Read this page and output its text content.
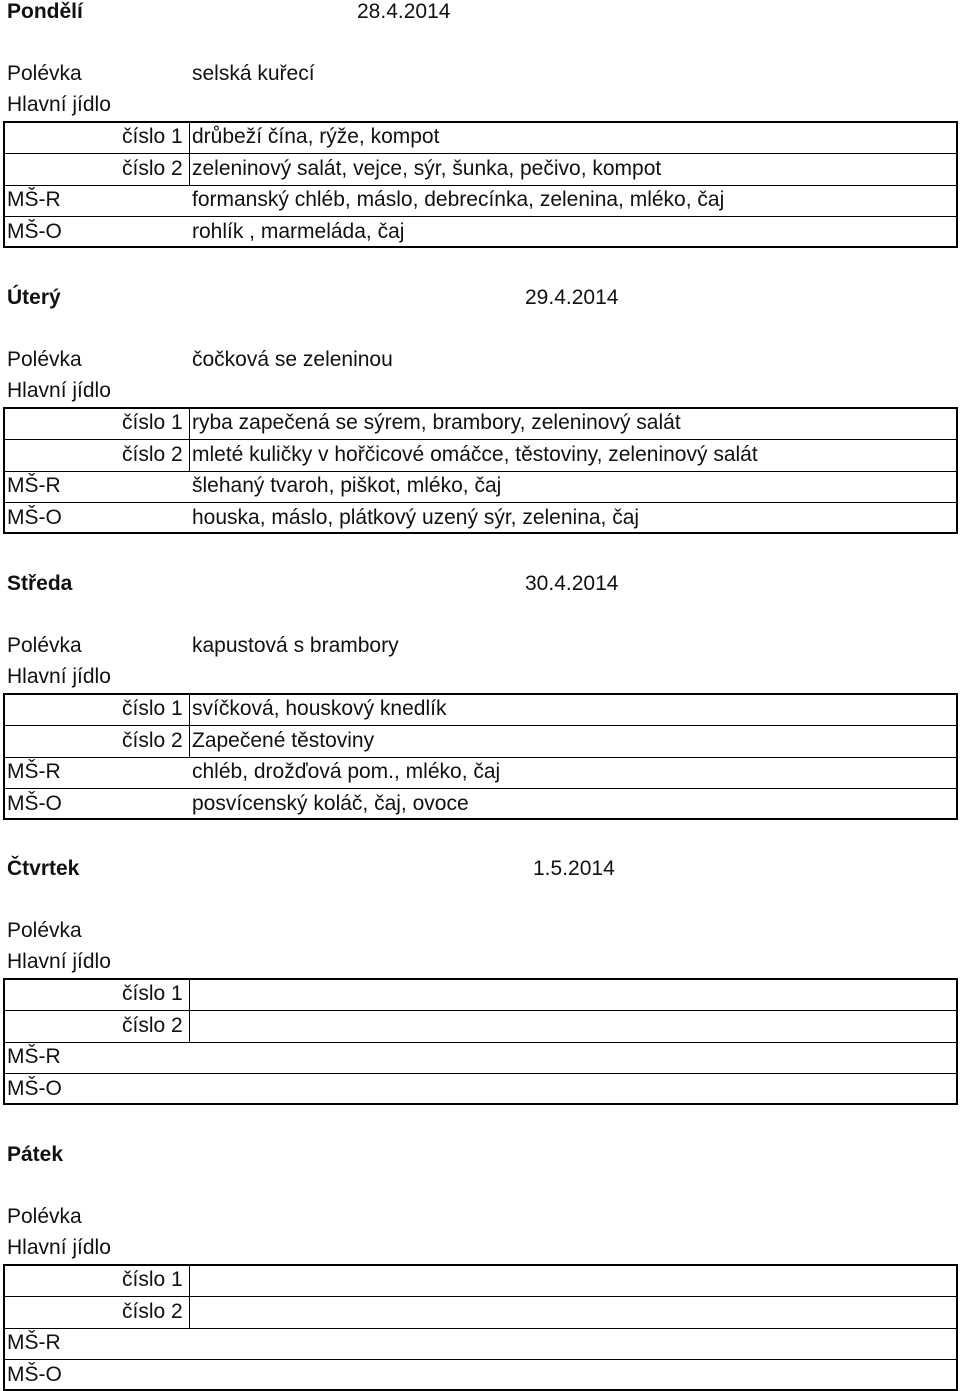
Pondělí	28.4.2014
Polévka	selská kuřecí
Hlavní jídlo
číslo 1 drůbeží čína, rýže, kompot
číslo 2 zeleninový salát, vejce, sýr, šunka, pečivo, kompot
MŠ-R	formanský chléb, máslo, debrecínka, zelenina, mléko, čaj
MŠ-O	rohlík , marmeláda, čaj
Úterý	29.4.2014
Polévka	čočková se zeleninou
Hlavní jídlo
číslo 1 ryba zapečená se sýrem, brambory, zeleninový salát
číslo 2 mleté kuličky v hořčicové omáčce, těstoviny, zeleninový salát
MŠ-R	šlehaný tvaroh, piškot, mléko, čaj
MŠ-O	houska, máslo, plátkový uzený sýr, zelenina, čaj
Středa	30.4.2014
Polévka	kapustová s brambory
Hlavní jídlo
číslo 1 svíčková, houskový knedlík
číslo 2 Zapečené těstoviny
MŠ-R	chléb, drožďová pom., mléko, čaj
MŠ-O	posvícenský koláč, čaj, ovoce
Čtvrtek	1.5.2014
Polévka
Hlavní jídlo
číslo 1
číslo 2
MŠ-R
MŠ-O
Pátek
Polévka
Hlavní jídlo
číslo 1
číslo 2
MŠ-R
MŠ-O
